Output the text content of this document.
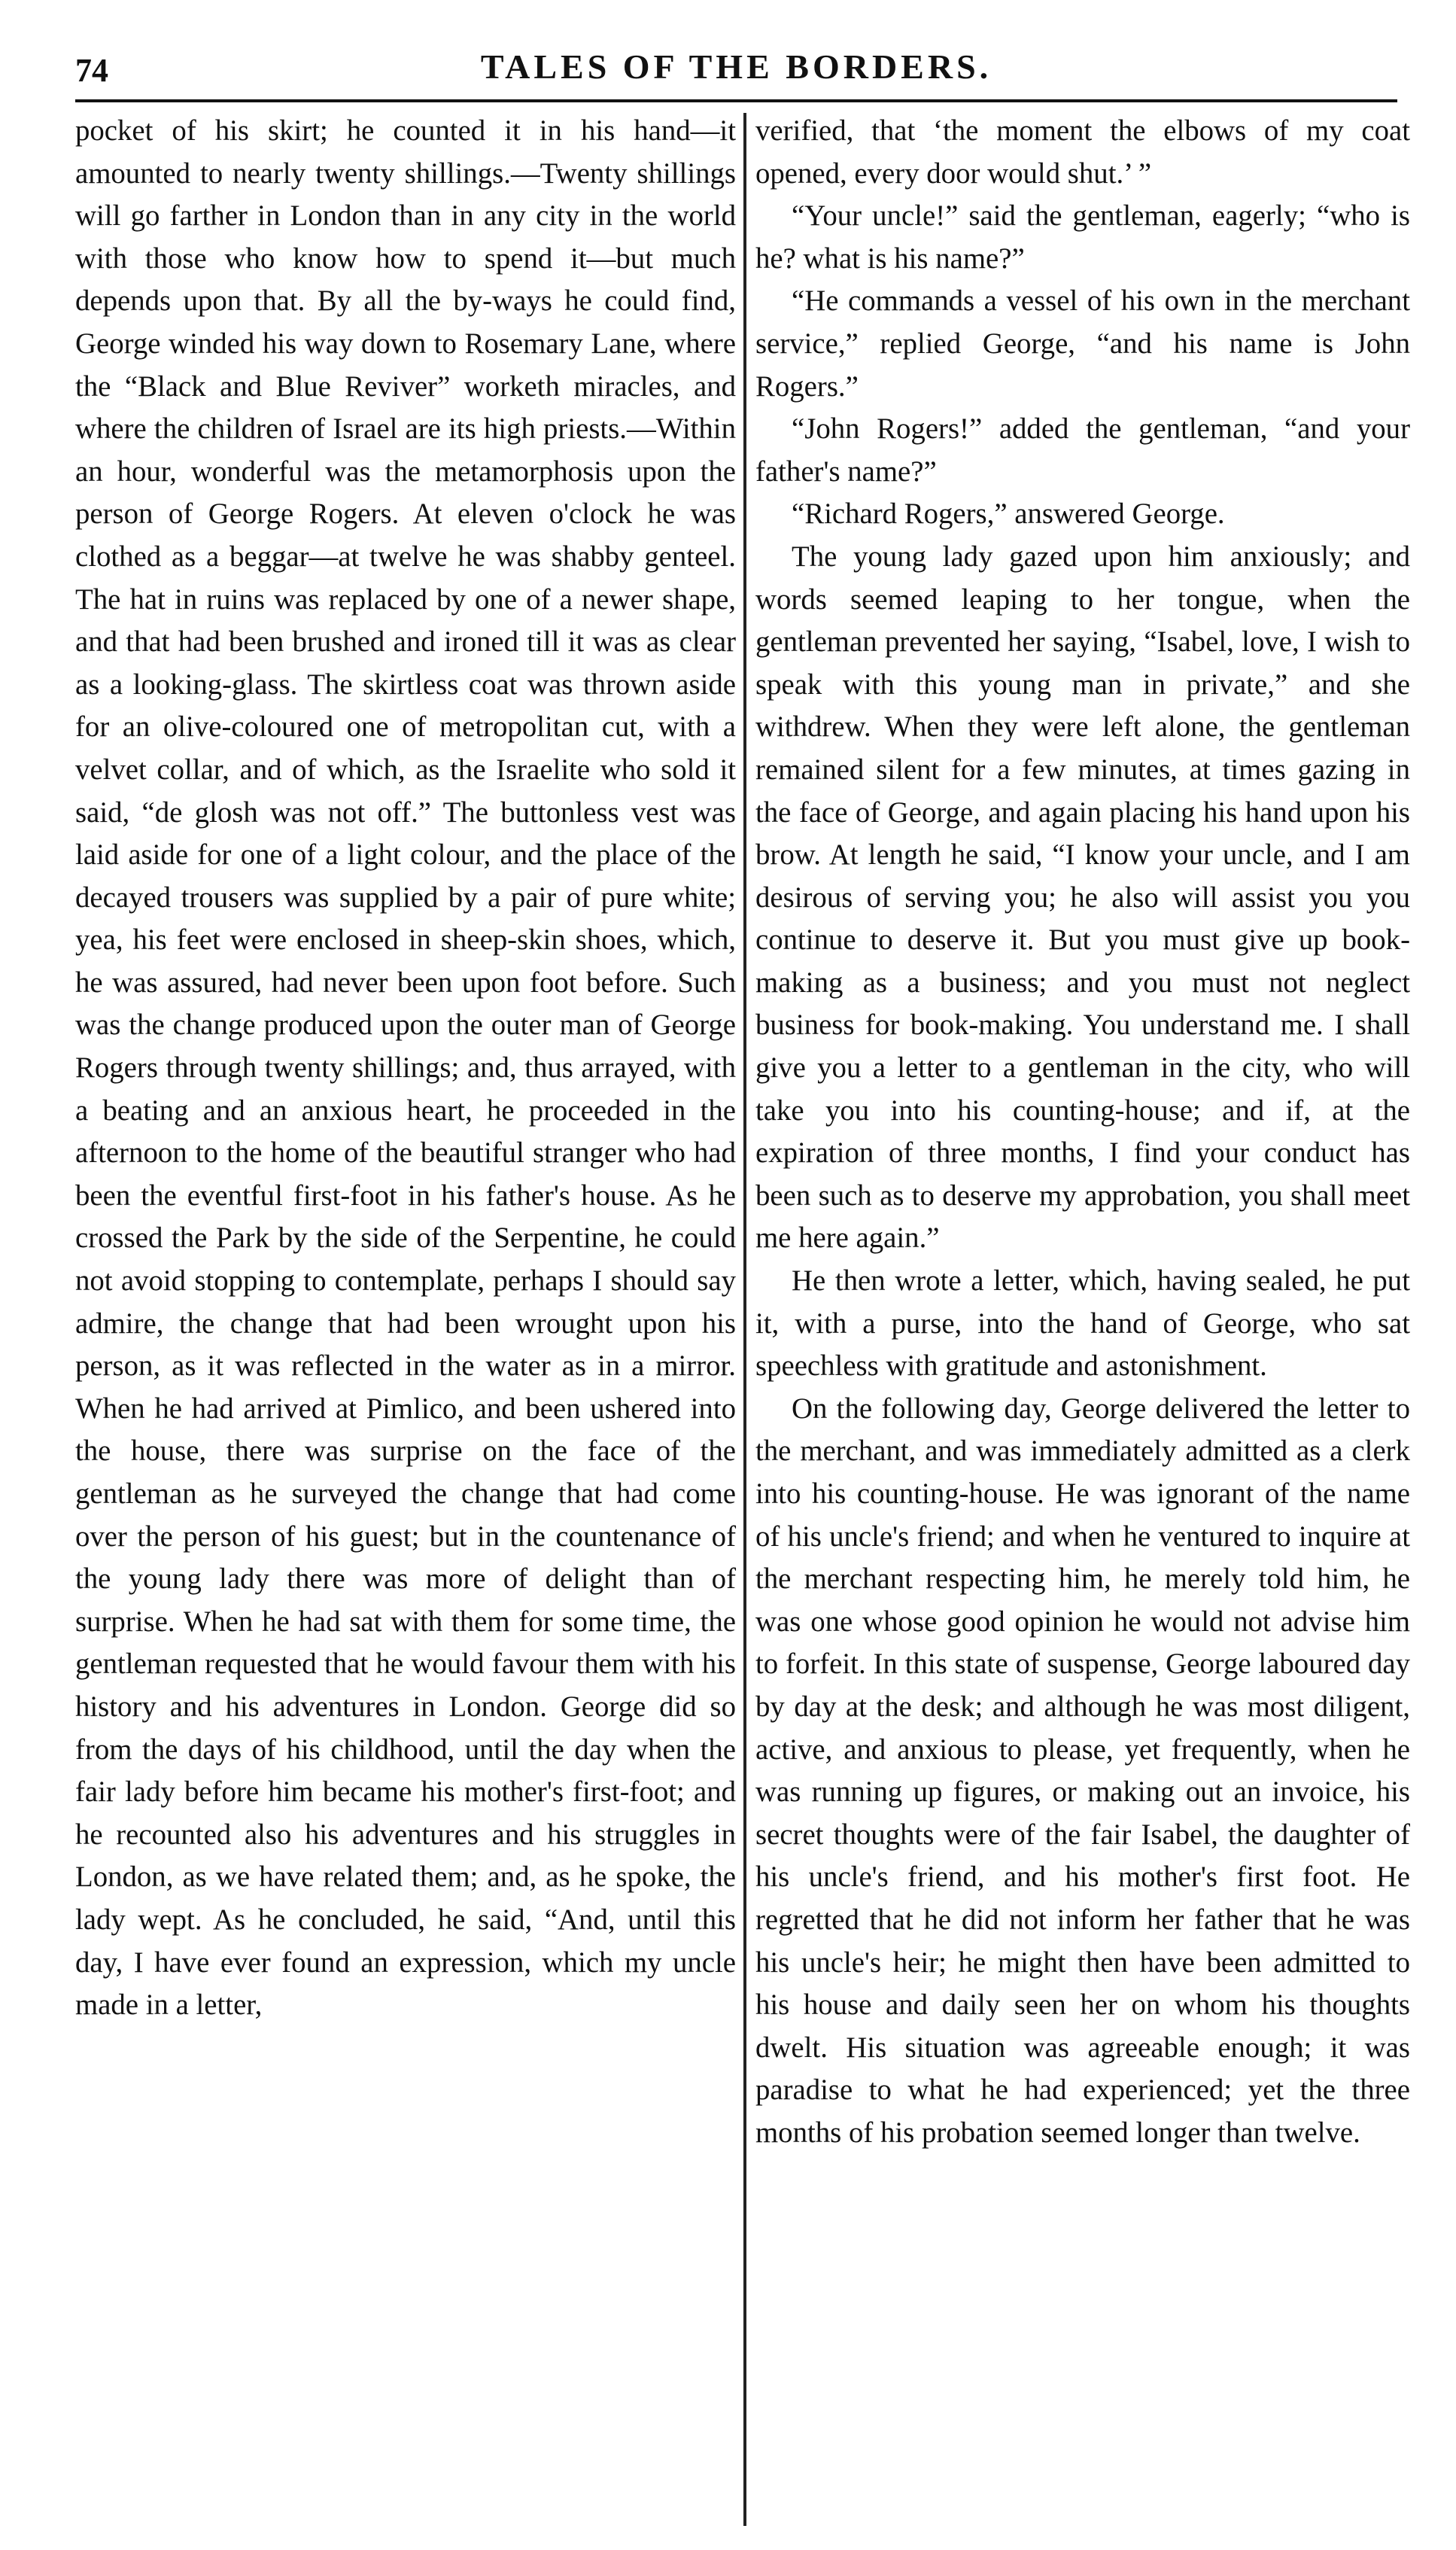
74	TALES OF THE BORDERS.

pocket of his skirt; he counted it in his hand—it amounted to nearly twenty shillings.—Twenty shillings will go farther in London than in any city in the world with those who know how to spend it—but much depends upon that. By all the by-ways he could find, George winded his way down to Rosemary Lane, where the “Black and Blue Reviver” worketh miracles, and where the children of Israel are its high priests.—Within an hour, wonderful was the metamorphosis upon the person of George Rogers. At eleven o'clock he was clothed as a beggar—at twelve he was shabby genteel. The hat in ruins was replaced by one of a newer shape, and that had been brushed and ironed till it was as clear as a looking-glass. The skirtless coat was thrown aside for an olive-coloured one of metropolitan cut, with a velvet collar, and of which, as the Israelite who sold it said, “de glosh was not off.” The buttonless vest was laid aside for one of a light colour, and the place of the decayed trousers was supplied by a pair of pure white; yea, his feet were enclosed in sheep-skin shoes, which, he was assured, had never been upon foot before. Such was the change produced upon the outer man of George Rogers through twenty shillings; and, thus arrayed, with a beating and an anxious heart, he proceeded in the afternoon to the home of the beautiful stranger who had been the eventful first-foot in his father's house. As he crossed the Park by the side of the Serpentine, he could not avoid stopping to contemplate, perhaps I should say admire, the change that had been wrought upon his person, as it was reflected in the water as in a mirror. When he had arrived at Pimlico, and been ushered into the house, there was surprise on the face of the gentleman as he surveyed the change that had come over the person of his guest; but in the countenance of the young lady there was more of delight than of surprise. When he had sat with them for some time, the gentleman requested that he would favour them with his history and his adventures in London. George did so from the days of his childhood, until the day when the fair lady before him became his mother's first-foot; and he recounted also his adventures and his struggles in London, as we have related them; and, as he spoke, the lady wept. As he concluded, he said, “And, until this day, I have ever found an expression, which my uncle made in a letter,

verified, that ‘the moment the elbows of my coat opened, every door would shut.’ ”

“Your uncle!” said the gentleman, eagerly; “who is he? what is his name?”

“He commands a vessel of his own in the merchant service,” replied George, “and his name is John Rogers.”

“John Rogers!” added the gentleman, “and your father's name?”

“Richard Rogers,” answered George.

The young lady gazed upon him anxiously; and words seemed leaping to her tongue, when the gentleman prevented her saying, “Isabel, love, I wish to speak with this young man in private,” and she withdrew. When they were left alone, the gentleman remained silent for a few minutes, at times gazing in the face of George, and again placing his hand upon his brow. At length he said, “I know your uncle, and I am desirous of serving you; he also will assist you you continue to deserve it. But you must give up book-making as a business; and you must not neglect business for book-making. You understand me. I shall give you a letter to a gentleman in the city, who will take you into his counting-house; and if, at the expiration of three months, I find your conduct has been such as to deserve my approbation, you shall meet me here again.”

He then wrote a letter, which, having sealed, he put it, with a purse, into the hand of George, who sat speechless with gratitude and astonishment.

On the following day, George delivered the letter to the merchant, and was immediately admitted as a clerk into his counting-house. He was ignorant of the name of his uncle's friend; and when he ventured to inquire at the merchant respecting him, he merely told him, he was one whose good opinion he would not advise him to forfeit. In this state of suspense, George laboured day by day at the desk; and although he was most diligent, active, and anxious to please, yet frequently, when he was running up figures, or making out an invoice, his secret thoughts were of the fair Isabel, the daughter of his uncle's friend, and his mother's first foot. He regretted that he did not inform her father that he was his uncle's heir; he might then have been admitted to his house and daily seen her on whom his thoughts dwelt. His situation was agreeable enough; it was paradise to what he had experienced; yet the three months of his probation seemed longer than twelve.
